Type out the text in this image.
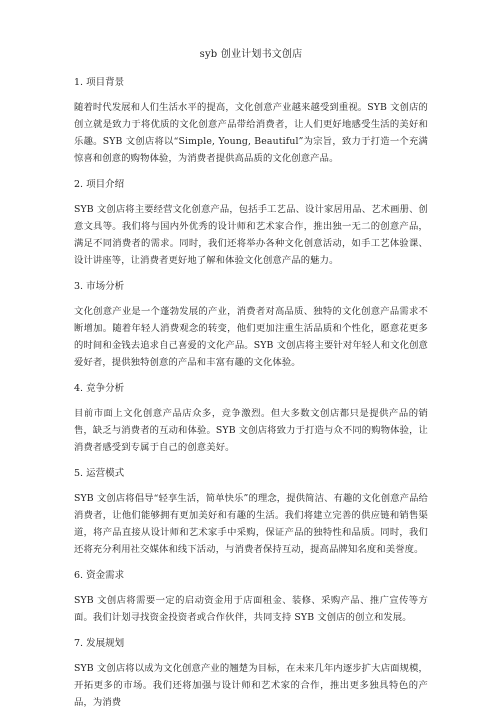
syb 创业计划书文创店
1. 项目背景

随着时代发展和人们生活水平的提高，文化创意产业越来越受到重视。SYB 文创店的创立就是致力于将优质的文化创意产品带给消费者，让人们更好地感受生活的美好和乐趣。SYB 文创店将以“Simple, Young, Beautiful”为宗旨，致力于打造一个充满惊喜和创意的购物体验，为消费者提供高品质的文化创意产品。

2. 项目介绍

SYB 文创店将主要经营文化创意产品，包括手工艺品、设计家居用品、艺术画册、创意文具等。我们将与国内外优秀的设计师和艺术家合作，推出独一无二的创意产品，满足不同消费者的需求。同时，我们还将举办各种文化创意活动，如手工艺体验课、设计讲座等，让消费者更好地了解和体验文化创意产品的魅力。

3. 市场分析

文化创意产业是一个蓬勃发展的产业，消费者对高品质、独特的文化创意产品需求不断增加。随着年轻人消费观念的转变，他们更加注重生活品质和个性化，愿意花更多的时间和金钱去追求自己喜爱的文化产品。SYB 文创店将主要针对年轻人和文化创意爱好者，提供独特创意的产品和丰富有趣的文化体验。

4. 竞争分析

目前市面上文化创意产品店众多，竞争激烈。但大多数文创店都只是提供产品的销售，缺乏与消费者的互动和体验。SYB 文创店将致力于打造与众不同的购物体验，让消费者感受到专属于自己的创意美好。

5. 运营模式

SYB 文创店将倡导“轻享生活，简单快乐”的理念，提供简洁、有趣的文化创意产品给消费者，让他们能够拥有更加美好和有趣的生活。我们将建立完善的供应链和销售渠道，将产品直接从设计师和艺术家手中采购，保证产品的独特性和品质。同时，我们还将充分利用社交媒体和线下活动，与消费者保持互动，提高品牌知名度和美誉度。

6. 资金需求

SYB 文创店将需要一定的启动资金用于店面租金、装修、采购产品、推广宣传等方面。我们计划寻找资金投资者或合作伙伴，共同支持 SYB 文创店的创立和发展。

7. 发展规划

SYB 文创店将以成为文化创意产业的翘楚为目标，在未来几年内逐步扩大店面规模，开拓更多的市场。我们还将加强与设计师和艺术家的合作，推出更多独具特色的产品，为消费
